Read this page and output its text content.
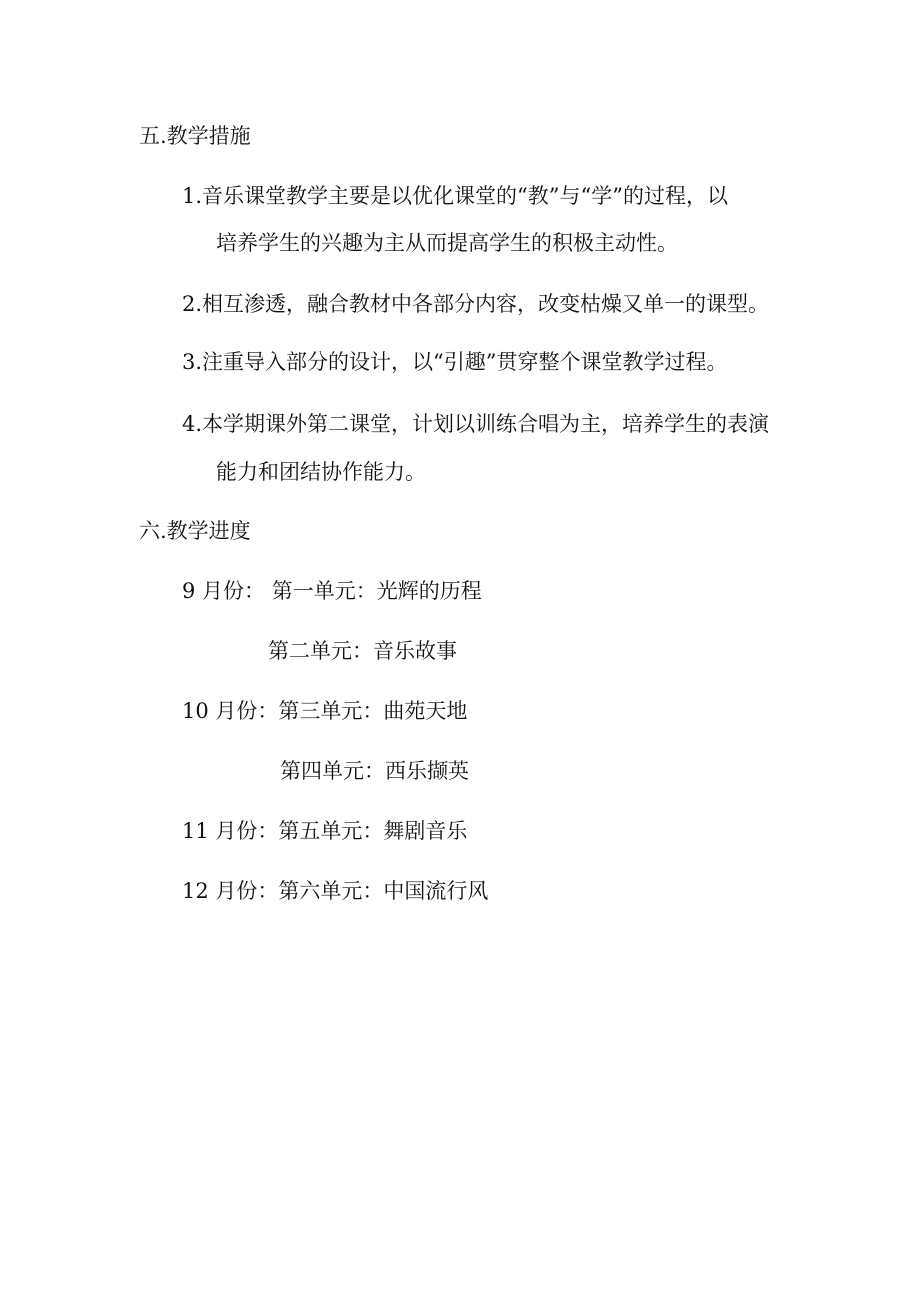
五.教学措施
1.音乐课堂教学主要是以优化课堂的“教”与“学”的过程，以
培养学生的兴趣为主从而提高学生的积极主动性。
2.相互渗透，融合教材中各部分内容，改变枯燥又单一的课型。
3.注重导入部分的设计，以“引趣”贯穿整个课堂教学过程。
4.本学期课外第二课堂，计划以训练合唱为主，培养学生的表演
能力和团结协作能力。
六.教学进度
9 月份： 第一单元：光辉的历程
第二单元：音乐故事
10 月份：第三单元：曲苑天地
第四单元：西乐撷英
11 月份：第五单元：舞剧音乐
12 月份：第六单元：中国流行风
